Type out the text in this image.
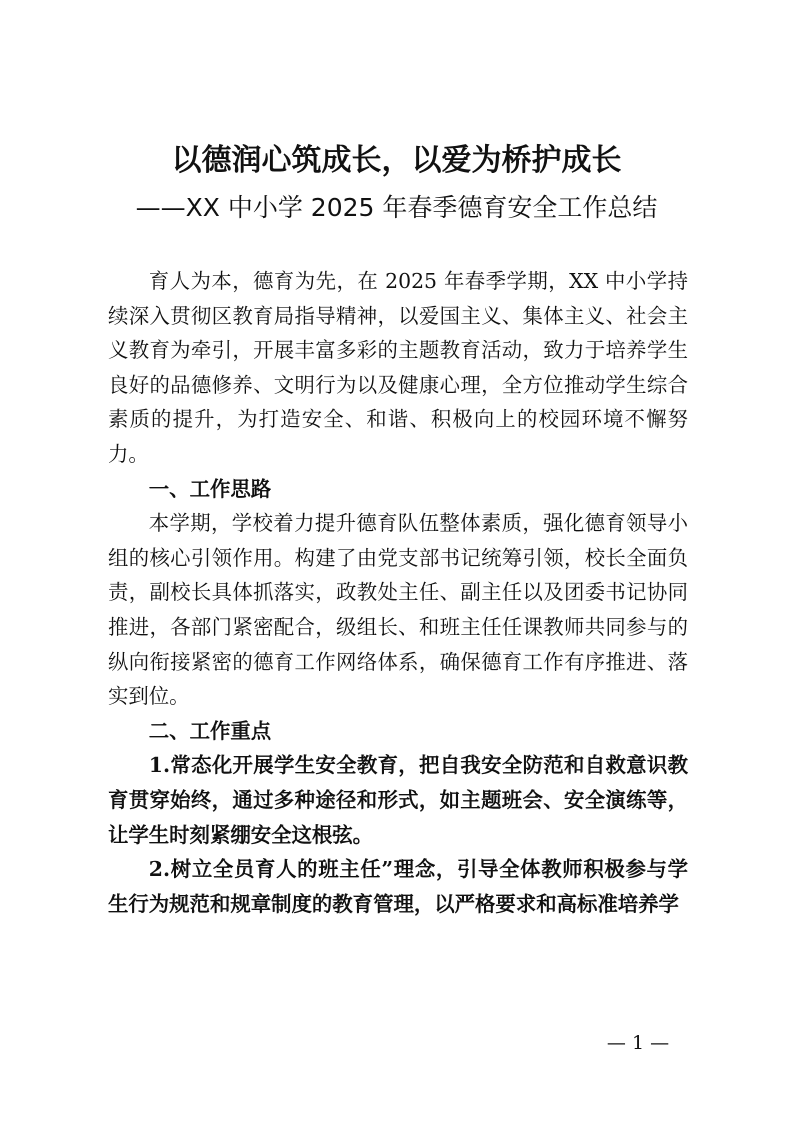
以德润心筑成长，以爱为桥护成长
——XX 中小学 2025 年春季德育安全工作总结

育人为本，德育为先，在 2025 年春季学期，XX 中小学持续深入贯彻区教育局指导精神，以爱国主义、集体主义、社会主义教育为牵引，开展丰富多彩的主题教育活动，致力于培养学生良好的品德修养、文明行为以及健康心理，全方位推动学生综合素质的提升，为打造安全、和谐、积极向上的校园环境不懈努力。

一、工作思路

本学期，学校着力提升德育队伍整体素质，强化德育领导小组的核心引领作用。构建了由党支部书记统筹引领，校长全面负责，副校长具体抓落实，政教处主任、副主任以及团委书记协同推进，各部门紧密配合，级组长、和班主任任课教师共同参与的纵向衔接紧密的德育工作网络体系，确保德育工作有序推进、落实到位。

二、工作重点

1.常态化开展学生安全教育，把自我安全防范和自救意识教育贯穿始终，通过多种途径和形式，如主题班会、安全演练等，让学生时刻紧绷安全这根弦。

2.树立全员育人的班主任”理念，引导全体教师积极参与学生行为规范和规章制度的教育管理，以严格要求和高标准培养学

— 1 —
